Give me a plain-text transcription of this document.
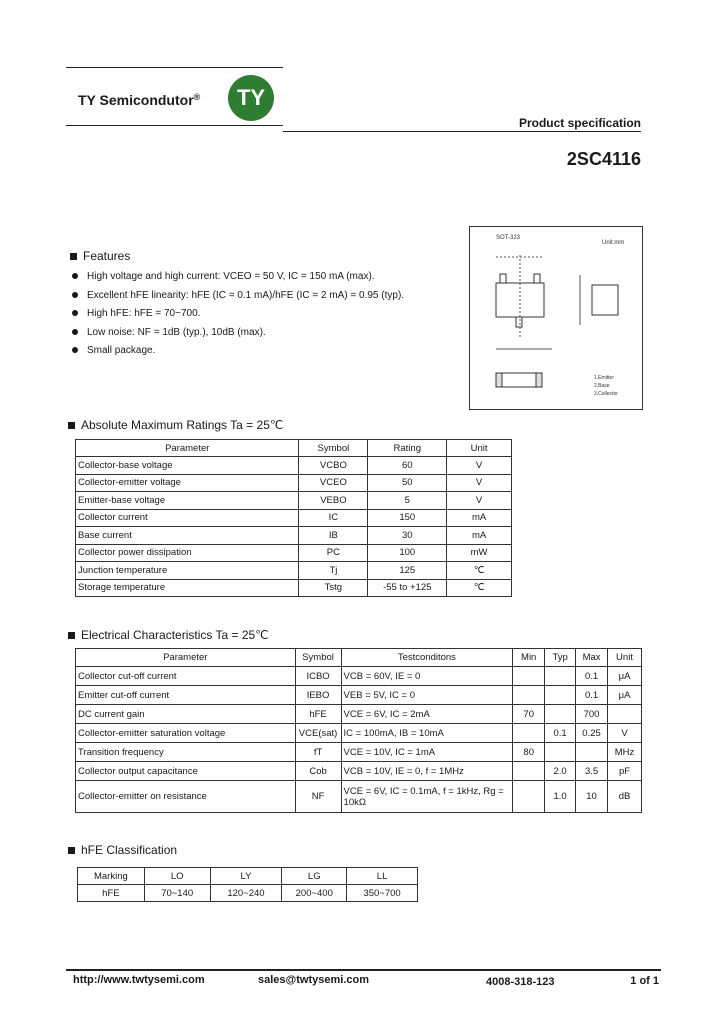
TY Semicondutor® TY
Product specification
2SC4116
SOT-323
Unit:mm
1.Emitter
2.Base
3.Collector
Features
High voltage and high current: VCEO = 50 V, IC = 150 mA (max).
Excellent hFE linearity: hFE (IC = 0.1 mA)/hFE (IC = 2 mA) = 0.95 (typ).
High hFE: hFE = 70~700.
Low noise: NF = 1dB (typ.), 10dB (max).
Small package.
Absolute Maximum Ratings Ta = 25℃
Parameter	Symbol	Rating	Unit
Collector-base voltage	VCBO	60	V
Collector-emitter voltage	VCEO	50	V
Emitter-base voltage	VEBO	5	V
Collector current	IC	150	mA
Base current	IB	30	mA
Collector power dissipation	PC	100	mW
Junction temperature	Tj	125	℃
Storage temperature	Tstg	-55 to +125	℃
Electrical Characteristics Ta = 25℃
Parameter	Symbol	Testconditons	Min	Typ	Max	Unit
Collector cut-off current	ICBO	VCB = 60V, IE = 0			0.1	μA
Emitter cut-off current	IEBO	VEB = 5V, IC = 0			0.1	μA
DC current gain	hFE	VCE = 6V, IC = 2mA	70		700	
Collector-emitter saturation voltage	VCE(sat)	IC = 100mA, IB = 10mA		0.1	0.25	V
Transition frequency	fT	VCE = 10V, IC = 1mA	80			MHz
Collector output capacitance	Cob	VCB = 10V, IE = 0, f = 1MHz		2.0	3.5	pF
Collector-emitter on resistance	NF	VCE = 6V, IC = 0.1mA, f = 1kHz, Rg = 10kΩ		1.0	10	dB
hFE Classification
Marking	LO	LY	LG	LL
hFE	70~140	120~240	200~400	350~700
http://www.twtysemi.com	sales@twtysemi.com	4008-318-123	1 of 1
